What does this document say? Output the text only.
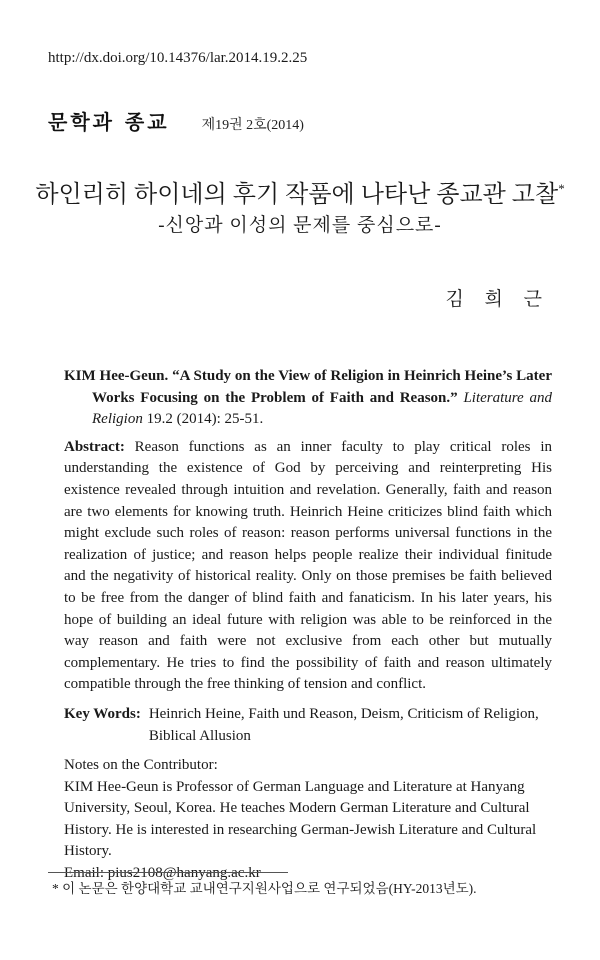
http://dx.doi.org/10.14376/lar.2014.19.2.25
문학과 종교 제19권 2호(2014)
하인리히 하이네의 후기 작품에 나타난 종교관 고찰*
-신앙과 이성의 문제를 중심으로-
김 희 근

KIM Hee-Geun. “A Study on the View of Religion in Heinrich Heine’s Later Works Focusing on the Problem of Faith and Reason.” Literature and Religion 19.2 (2014): 25-51.

Abstract: Reason functions as an inner faculty to play critical roles in understanding the existence of God by perceiving and reinterpreting His existence revealed through intuition and revelation. Generally, faith and reason are two elements for knowing truth. Heinrich Heine criticizes blind faith which might exclude such roles of reason: reason performs universal functions in the realization of justice; and reason helps people realize their individual finitude and the negativity of historical reality. Only on those premises be faith believed to be free from the danger of blind faith and fanaticism. In his later years, his hope of building an ideal future with religion was able to be reinforced in the way reason and faith were not exclusive from each other but mutually complementary. He tries to find the possibility of faith and reason ultimately compatible through the free thinking of tension and conflict.

Key Words: Heinrich Heine, Faith und Reason, Deism, Criticism of Religion, Biblical Allusion

Notes on the Contributor:

KIM Hee-Geun is Professor of German Language and Literature at Hanyang University, Seoul, Korea. He teaches Modern German Literature and Cultural History. He is interested in researching German-Jewish Literature and Cultural History.

Email: pius2108@hanyang.ac.kr

* 이 논문은 한양대학교 교내연구지원사업으로 연구되었음(HY-2013년도).
